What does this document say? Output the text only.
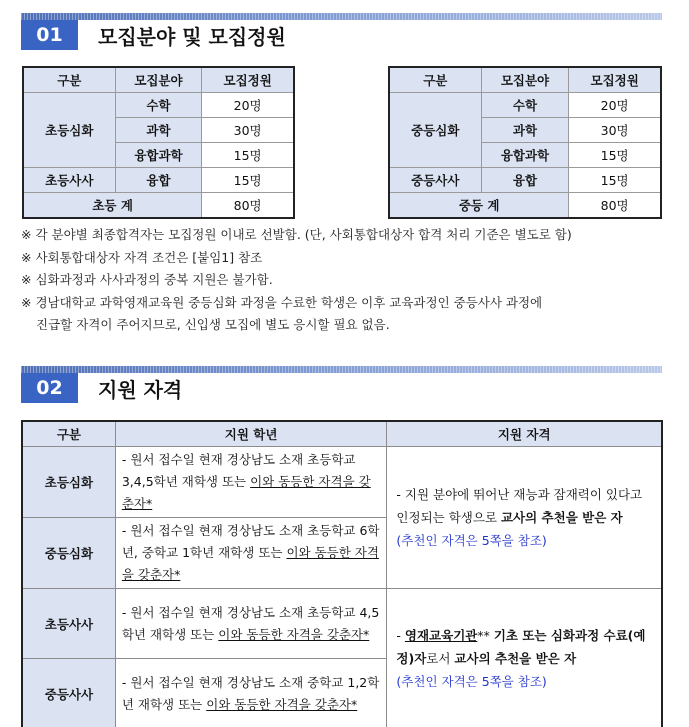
01	모집분야 및 모집정원
구분	모집분야	모집정원
초등심화	수학	20명
	과학	30명
	융합과학	15명
초등사사	융합	15명
초등 계		80명
구분	모집분야	모집정원
중등심화	수학	20명
	과학	30명
	융합과학	15명
중등사사	융합	15명
중등 계		80명
※ 각 분야별 최종합격자는 모집정원 이내로 선발함. (단, 사회통합대상자 합격 처리 기준은 별도로 함)
※ 사회통합대상자 자격 조건은 [붙임1] 참조
※ 심화과정과 사사과정의 중복 지원은 불가함.
※ 경남대학교 과학영재교육원 중등심화 과정을 수료한 학생은 이후 교육과정인 중등사사 과정에
진급할 자격이 주어지므로, 신입생 모집에 별도 응시할 필요 없음.
02	지원 자격
구분	지원 학년	지원 자격
초등심화	- 원서 접수일 현재 경상남도 소재 초등학교 3,4,5학년 재학생 또는 이와 동등한 자격을 갖춘자*	- 지원 분야에 뛰어난 재능과 잠재력이 있다고 인정되는 학생으로 교사의 추천을 받은 자
(추천인 자격은 5쪽을 참조)
중등심화	- 원서 접수일 현재 경상남도 소재 초등학교 6학년, 중학교 1학년 재학생 또는 이와 동등한 자격을 갖춘자*	
초등사사	- 원서 접수일 현재 경상남도 소재 초등학교 4,5학년 재학생 또는 이와 동등한 자격을 갖춘자*	- 영재교육기관** 기초 또는 심화과정 수료(예정)자로서 교사의 추천을 받은 자
(추천인 자격은 5쪽을 참조)
중등사사	- 원서 접수일 현재 경상남도 소재 중학교 1,2학년 재학생 또는 이와 동등한 자격을 갖춘자*	
